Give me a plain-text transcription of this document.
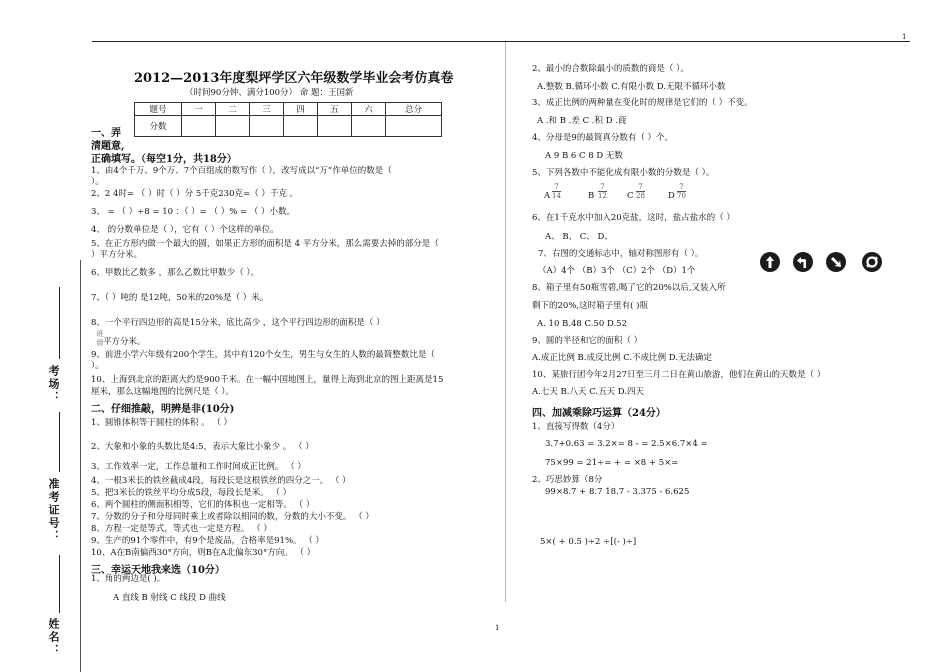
1
1
考场：
准考证号：
姓名：
班级
2012—2013年度梨坪学区六年级数学毕业会考仿真卷
（时间90分钟、满分100分） 命 题：王国新
题号	一	二	三	四	五	六	总分
分数							
一、弄
清题意,
正确填写。（每空1分，共18分）
1、由4个千万、9个万、7个百组成的数写作（ ），改写成以“万”作单位的数是（
）。
2、2 4时= （ ）时（ ）分 5千克230克=（ ）千克 。
3、 = （ ）÷8 = 10 ：（ ）= （ ）% = （ ）小数。
4、 的分数单位是（ ），它有（ ）个这样的单位。
5、在正方形内做一个最大的圆，如果正方形的面积是 4 平方分米，那么需要去掉的部分是（
）平方分米。
6、甲数比乙数多 ，那么乙数比甲数少（ ）。
7、（ ）吨的 是12吨，50米的20%是（ ）米。
8、一个平行四边形的高是15分米，底比高少 ，这个平行四边形的面积是（ ）
平方分米。
9、前进小学六年级有200个学生，其中有120个女生，男生与女生的人数的最简整数比是（
）。
10、上海到北京的距离大约是900千米。在一幅中国地图上，量得上海到北京的图上距离是15
厘米，那么这幅地图的比例尺是（ ）。
二、仔细推敲，明辨是非(10分)
1、圆锥体积等于圆柱的体积 。 （ ）
2、大象和小象的头数比是4:5，表示大象比小象少 。 （ ）
3、工作效率一定，工作总量和工作时间成正比例。 （ ）
4、一根3米长的铁丝截成4段，每段长是这根铁丝的四分之一。 （ ）
5、把3米长的铁丝平均分成5段，每段长是米。 （ ）
6、两个圆柱的侧面积相等，它们的体积也一定相等。 （ ）
7、分数的分子和分母同时乘上或者除以相同的数，分数的大小不变。 （ ）
8、方程一定是等式，等式也一定是方程。 （ ）
9、生产的91个零件中，有9个是废品，合格率是91%。 （ ）
10、A在B南偏西30°方向，则B在A北偏东30°方向。 （ ）
三、幸运天地我来选（10分）
1、角的两边是( )。
A 直线 B 射线 C 线段 D 曲线
2、最小的合数除最小的质数的商是（ ）。
A.整数 B.循环小数 C.有限小数 D.无限不循环小数
3、成正比例的两种量在变化时的规律是它们的（ ）不变。
A .和 B .差 C .积 D .商
4、分母是9的最简真分数有（ ）个。
A 9 B 6 C 8 D 无数
5、下列各数中不能化成有限小数的分数是（ ）。
A $\frac{7}{14}$	B $\frac{7}{12}$ C $\frac{7}{28}$	D $\frac{7}{70}$
6、在1千克水中加入20克盐，这时，盐占盐水的（ ）
A、 B、 C、 D、
7、右图的交通标志中，轴对称图形有（ ）。
（A）4个 （B）3个 （C）2个 （D）1个
8、箱子里有50瓶雪碧,喝了它的20%以后,又装入所
剩下的20%,这时箱子里有( )瓶
A. 10 B.48 C.50 D.52
9、圆的半径和它的面积（ ）
A.成正比例 B.成反比例 C.不成比例 D.无法确定
10、某旅行团今年2月27日至三月二日在黄山旅游，他们在黄山的天数是（ ）
A.七天 B.八天 C.五天 D.四天
四、加减乘除巧运算（24分）
1、直接写得数（4分）
3.7+0.63 = 3.2×= 8 - = 2.5×6.7×4 =
75×99 = 21÷= + = ×8 + 5×=
2、巧思妙算（8分
99×8.7 + 8.7 18.7 - 3.375 - 6.625
5×( + 0.5 )÷2 ÷[(- )÷]
